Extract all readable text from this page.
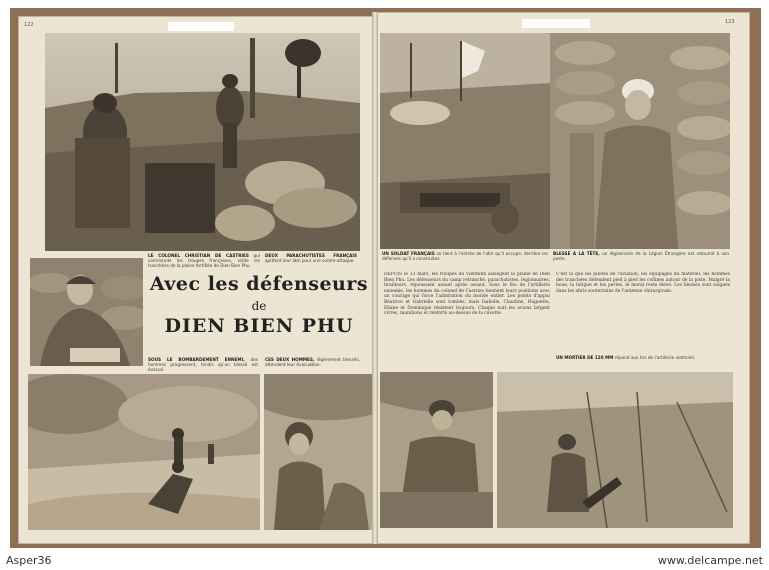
122
LE COLONEL CHRISTIAN DE CASTRIES qui commande les troupes françaises, visite les tranchées de la plaine fortifiée de Dien Bien Phu.
DEUX PARACHUTISTES FRANÇAIS quittent leur abri pour une contre-attaque.
Avec les défenseurs
de
DIEN BIEN PHU
SOUS LE BOMBARDEMENT ENNEMI, des hommes progressent, tandis qu'un blessé est évacué.
CES DEUX HOMMES, légèrement blessés, attendent leur évacuation.
123
UN SOLDAT FRANÇAIS se tient à l'entrée de l'abri qu'il occupe, derrière les défenses qu'il a construites.
BLESSÉ A LA TÊTE, un légionnaire de la Légion Étrangère est retourné à son poste.
DEPUIS le 13 mars, les troupes du Vietminh assiègent la plaine de Dien Bien Phu. Les défenseurs du camp retranché, parachutistes, légionnaires, tirailleurs, repoussent assaut après assaut. Sous le feu de l'artillerie ennemie, les hommes du colonel de Castries tiennent leurs positions avec un courage qui force l'admiration du monde entier. Les points d'appui Béatrice et Gabrielle sont tombés, mais Isabelle, Claudine, Huguette, Eliane et Dominique résistent toujours. Chaque nuit les avions largent vivres, munitions et renforts au-dessus de la cuvette.
C'est là que les pilotes de l'aviation, les équipages du matériel, les hommes des tranchées défendent pied à pied les collines autour de la piste. Malgré la boue, la fatigue et les pertes, le moral reste élevé. Les blessés sont soignés dans les abris souterrains de l'antenne chirurgicale.
UN MORTIER DE 120 MM répond aux tirs de l'artillerie vietminh.
Asper36	www.delcampe.net
